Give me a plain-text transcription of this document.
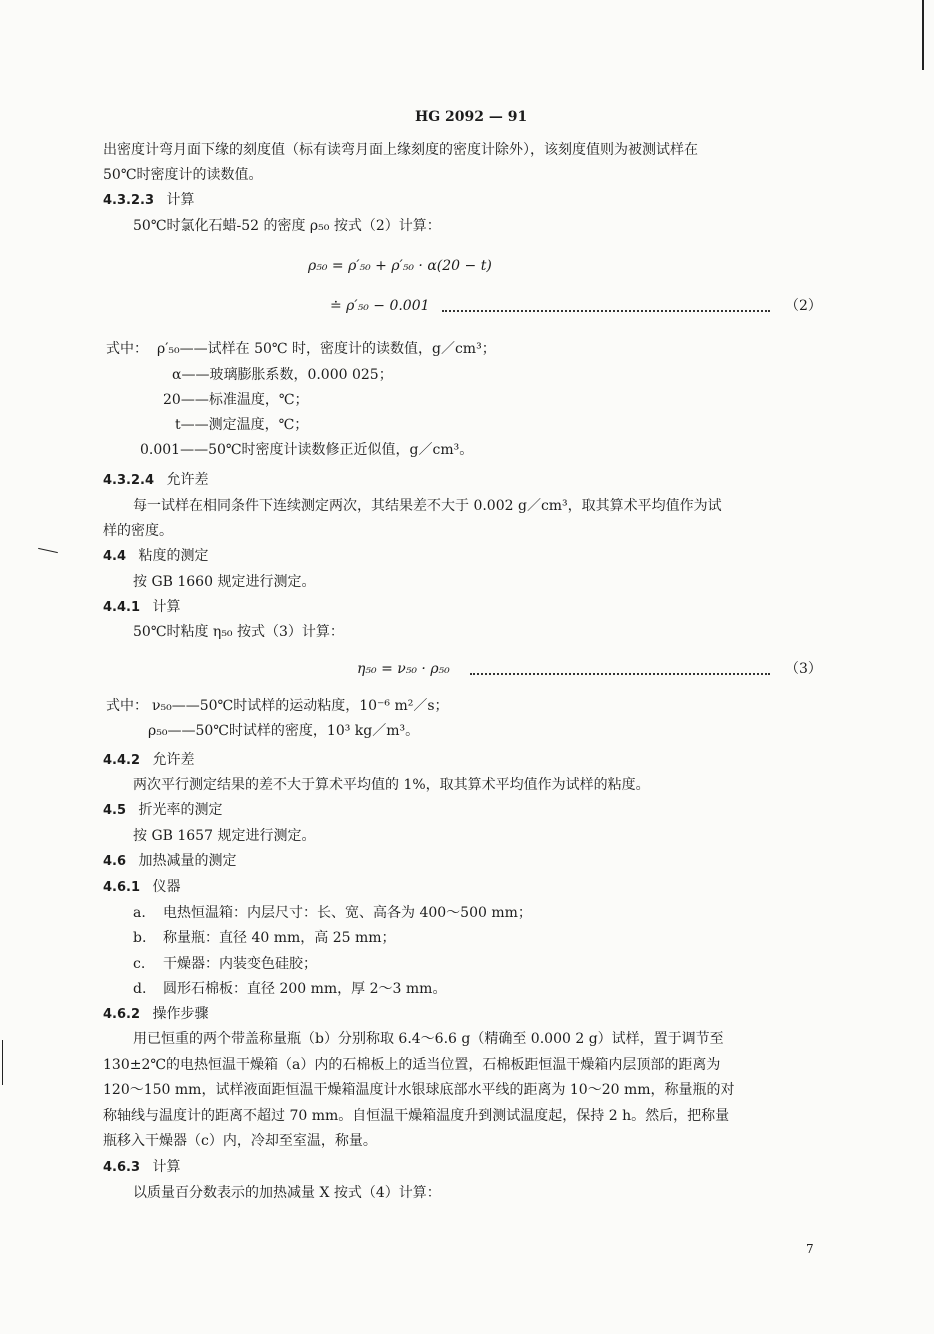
HG 2092 — 91
出密度计弯月面下缘的刻度值（标有读弯月面上缘刻度的密度计除外），该刻度值则为被测试样在
50℃时密度计的读数值。
4.3.2.3 计算
50℃时氯化石蜡-52 的密度 ρ₅₀ 按式（2）计算：
ρ₅₀ = ρ′₅₀ + ρ′₅₀ · α(20 − t)
≐ ρ′₅₀ − 0.001	（2）
式中： ρ′₅₀——试样在 50℃ 时，密度计的读数值，g／cm³；
α——玻璃膨胀系数，0.000 025；
20——标准温度，℃；
t——测定温度，℃；
0.001——50℃时密度计读数修正近似值，g／cm³。
4.3.2.4 允许差
每一试样在相同条件下连续测定两次，其结果差不大于 0.002 g／cm³，取其算术平均值作为试
样的密度。
4.4 粘度的测定
按 GB 1660 规定进行测定。
4.4.1 计算
50℃时粘度 η₅₀ 按式（3）计算：
η₅₀ = ν₅₀ · ρ₅₀	（3）
式中： ν₅₀——50℃时试样的运动粘度，10⁻⁶ m²／s；
ρ₅₀——50℃时试样的密度，10³ kg／m³。
4.4.2 允许差
两次平行测定结果的差不大于算术平均值的 1%，取其算术平均值作为试样的粘度。
4.5 折光率的测定
按 GB 1657 规定进行测定。
4.6 加热减量的测定
4.6.1 仪器
a. 电热恒温箱：内层尺寸：长、宽、高各为 400～500 mm；
b. 称量瓶：直径 40 mm，高 25 mm；
c. 干燥器：内装变色硅胶；
d. 圆形石棉板：直径 200 mm，厚 2～3 mm。
4.6.2 操作步骤
用已恒重的两个带盖称量瓶（b）分别称取 6.4～6.6 g（精确至 0.000 2 g）试样，置于调节至
130±2℃的电热恒温干燥箱（a）内的石棉板上的适当位置，石棉板距恒温干燥箱内层顶部的距离为
120～150 mm，试样液面距恒温干燥箱温度计水银球底部水平线的距离为 10～20 mm，称量瓶的对
称轴线与温度计的距离不超过 70 mm。自恒温干燥箱温度升到测试温度起，保持 2 h。然后，把称量
瓶移入干燥器（c）内，冷却至室温，称量。
4.6.3 计算
以质量百分数表示的加热减量 X 按式（4）计算：
7
